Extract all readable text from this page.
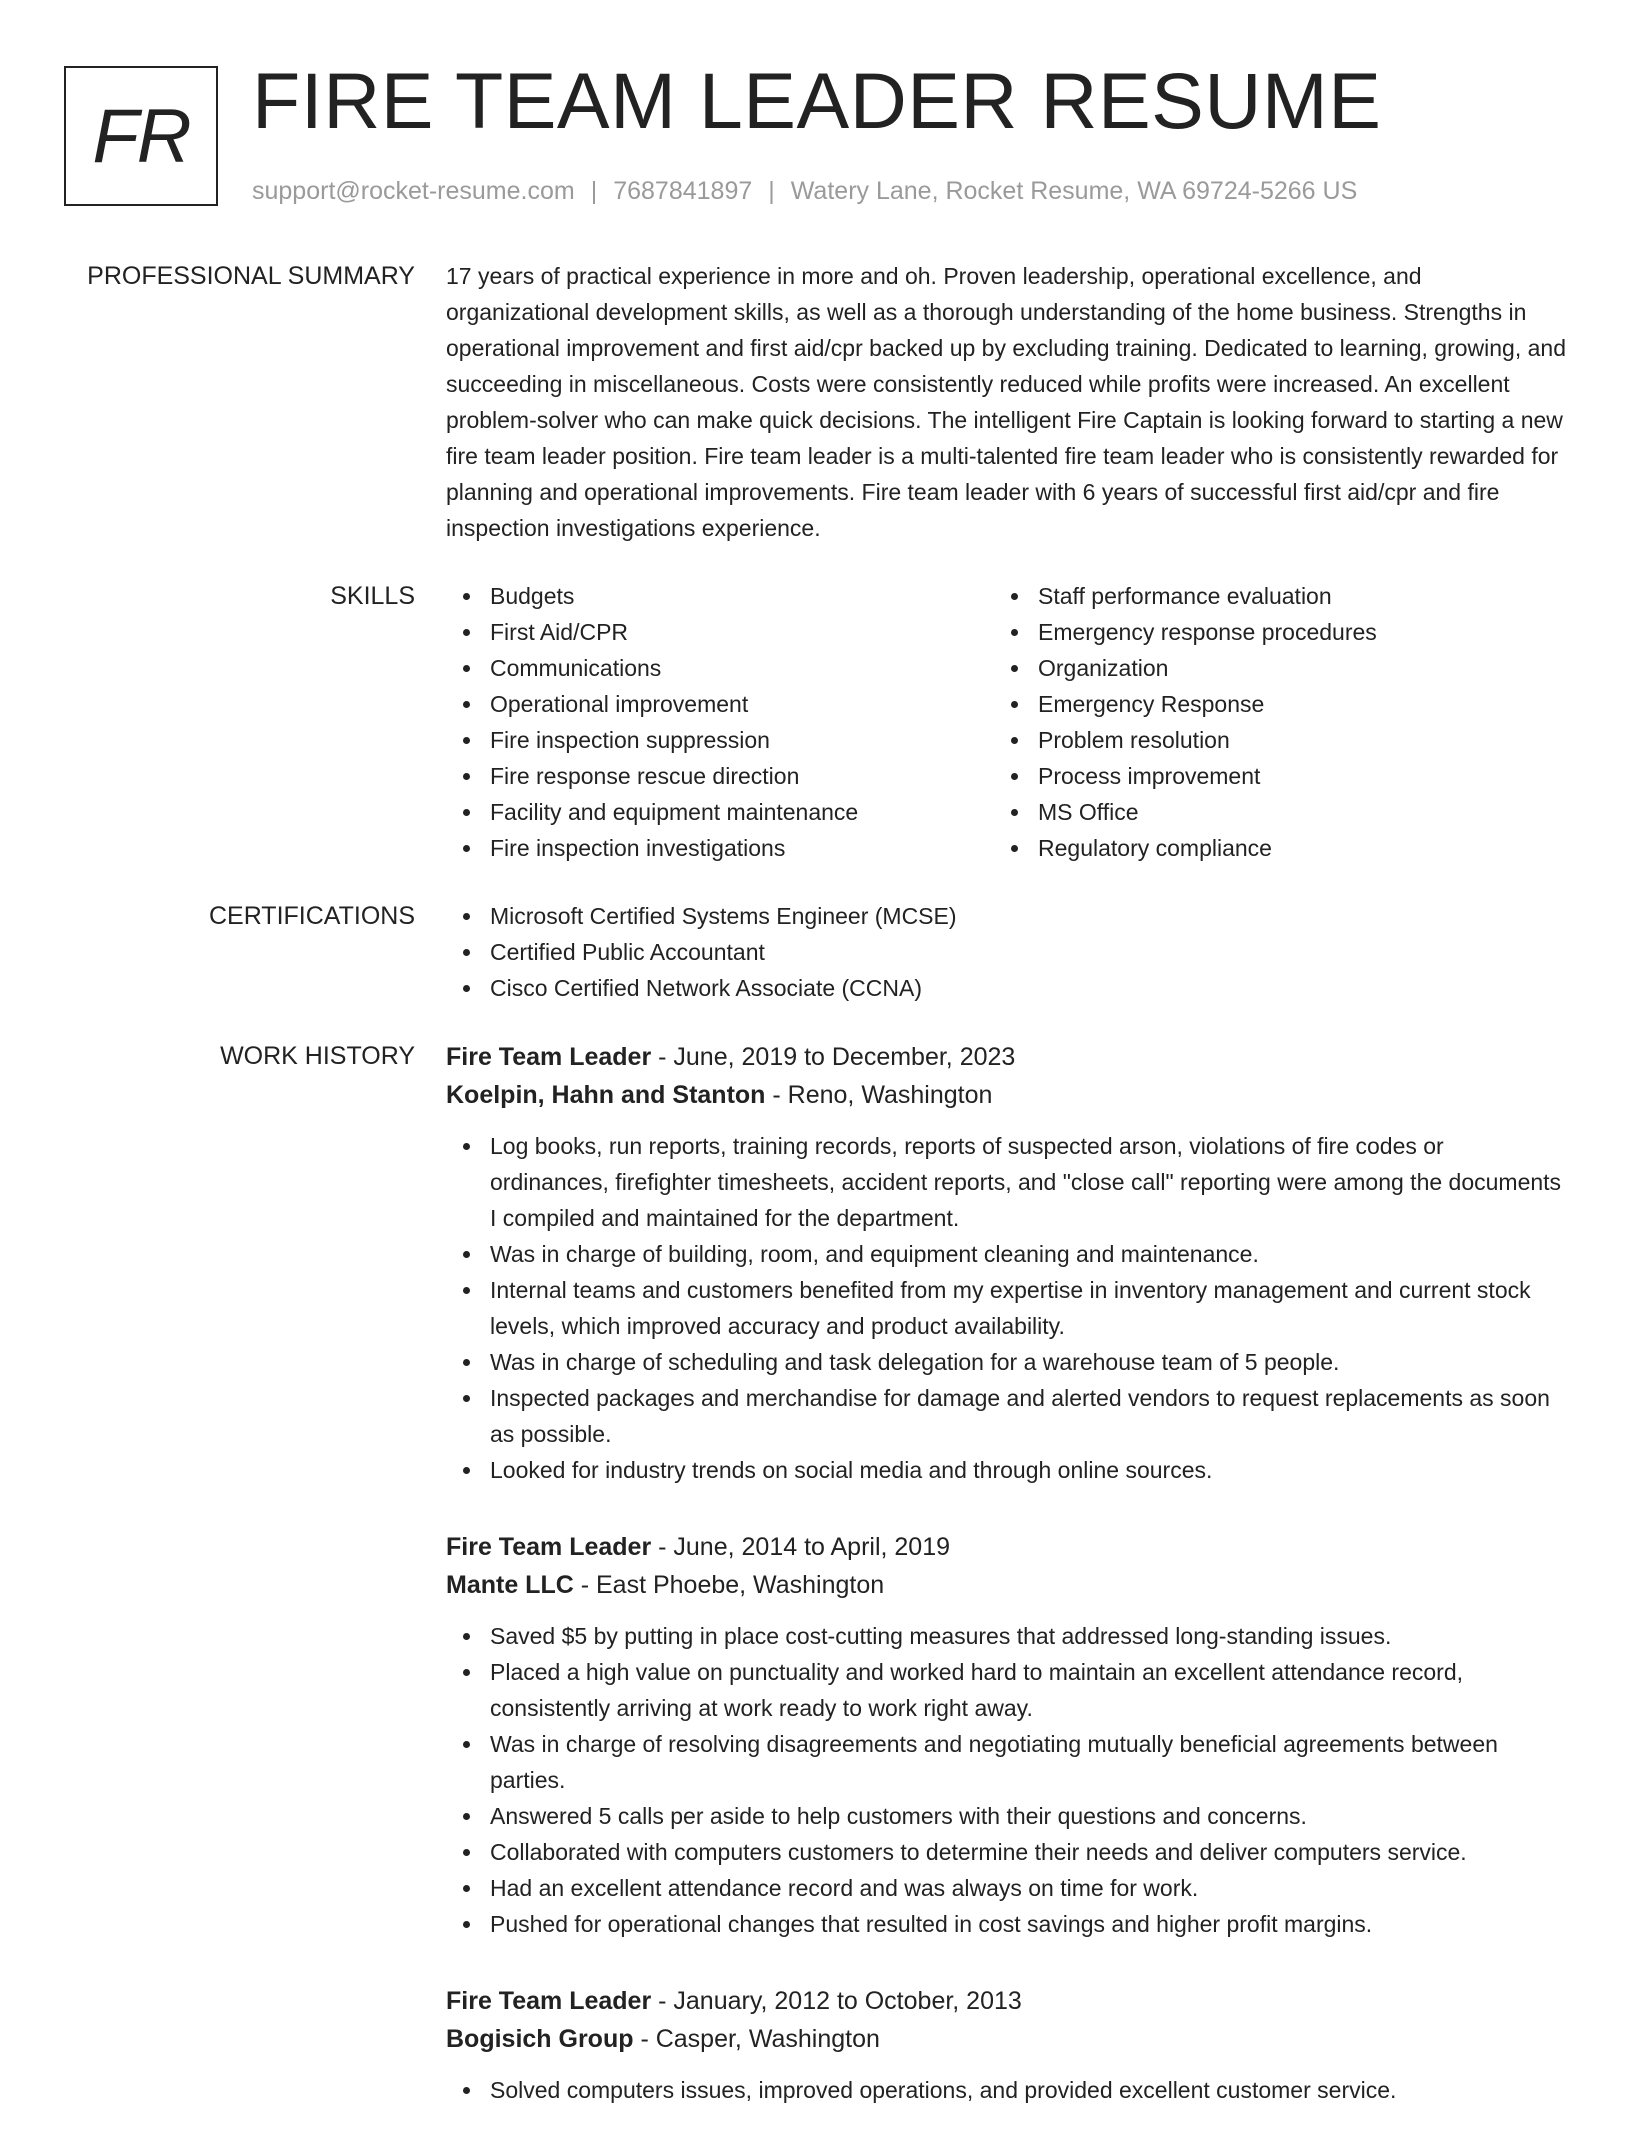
FR FIRE TEAM LEADER RESUME
support@rocket-resume.com | 7687841897 | Watery Lane, Rocket Resume, WA 69724-5266 US
PROFESSIONAL SUMMARY 17 years of practical experience in more and oh. Proven leadership, operational excellence, and organizational development skills, as well as a thorough understanding of the home business. Strengths in operational improvement and first aid/cpr backed up by excluding training. Dedicated to learning, growing, and succeeding in miscellaneous. Costs were consistently reduced while profits were increased. An excellent problem-solver who can make quick decisions. The intelligent Fire Captain is looking forward to starting a new fire team leader position. Fire team leader is a multi-talented fire team leader who is consistently rewarded for planning and operational improvements. Fire team leader with 6 years of successful first aid/cpr and fire inspection investigations experience.
SKILLS	Budgets
First Aid/CPR
Communications
Operational improvement
Fire inspection suppression
Fire response rescue direction
Facility and equipment maintenance
Fire inspection investigations
Staff performance evaluation
Emergency response procedures
Organization
Emergency Response
Problem resolution
Process improvement
MS Office
Regulatory compliance
CERTIFICATIONS	Microsoft Certified Systems Engineer (MCSE)
Certified Public Accountant
Cisco Certified Network Associate (CCNA)
WORK HISTORY Fire Team Leader - June, 2019 to December, 2023
Koelpin, Hahn and Stanton - Reno, Washington
Log books, run reports, training records, reports of suspected arson, violations of fire codes or ordinances, firefighter timesheets, accident reports, and "close call" reporting were among the documents I compiled and maintained for the department.
Was in charge of building, room, and equipment cleaning and maintenance.
Internal teams and customers benefited from my expertise in inventory management and current stock levels, which improved accuracy and product availability.
Was in charge of scheduling and task delegation for a warehouse team of 5 people.
Inspected packages and merchandise for damage and alerted vendors to request replacements as soon as possible.
Looked for industry trends on social media and through online sources.
Fire Team Leader - June, 2014 to April, 2019
Mante LLC - East Phoebe, Washington
Saved $5 by putting in place cost-cutting measures that addressed long-standing issues.
Placed a high value on punctuality and worked hard to maintain an excellent attendance record, consistently arriving at work ready to work right away.
Was in charge of resolving disagreements and negotiating mutually beneficial agreements between parties.
Answered 5 calls per aside to help customers with their questions and concerns.
Collaborated with computers customers to determine their needs and deliver computers service.
Had an excellent attendance record and was always on time for work.
Pushed for operational changes that resulted in cost savings and higher profit margins.
Fire Team Leader - January, 2012 to October, 2013
Bogisich Group - Casper, Washington
Solved computers issues, improved operations, and provided excellent customer service.
